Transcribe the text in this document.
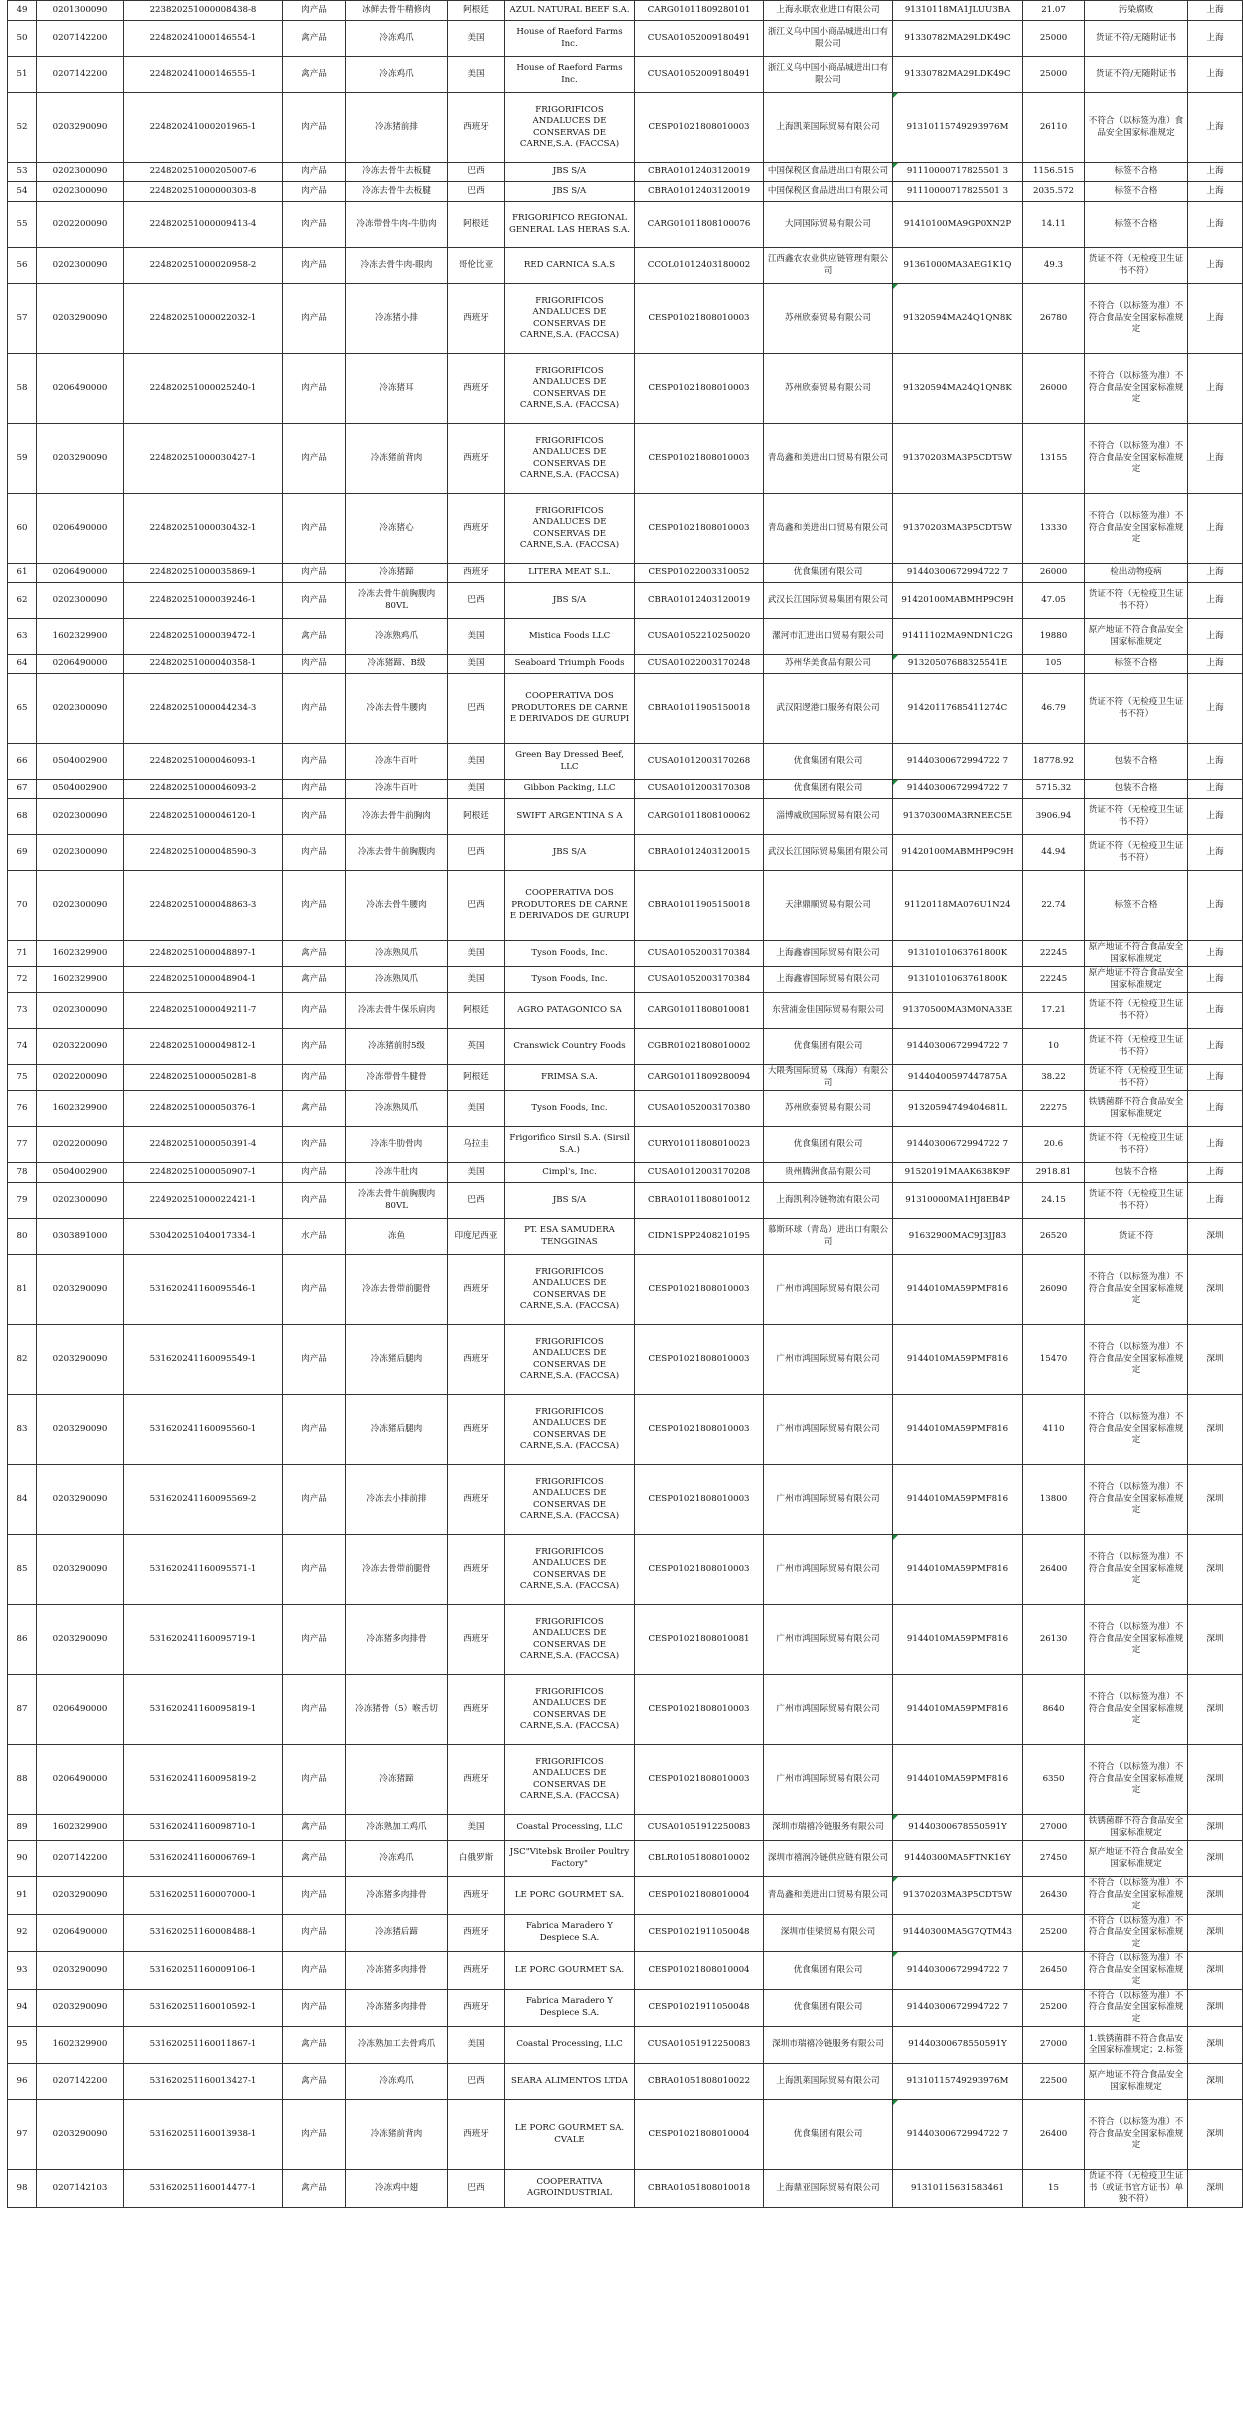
49	0201300090	223820251000008438-8	肉产品	冰鲜去骨牛精修肉	阿根廷	AZUL NATURAL BEEF S.A.	CARG01011809280101	上海永联农业进口有限公司	91310118MA1JLUU3BA	21.07	污染腐败	上海
50	0207142200	224820241000146554-1	禽产品	冷冻鸡爪	美国	House of Raeford Farms Inc.	CUSA01052009180491	浙江义乌中国小商品城进出口有限公司	91330782MA29LDK49C	25000	货证不符/无随附证书	上海
51	0207142200	224820241000146555-1	禽产品	冷冻鸡爪	美国	House of Raeford Farms Inc.	CUSA01052009180491	浙江义乌中国小商品城进出口有限公司	91330782MA29LDK49C	25000	货证不符/无随附证书	上海
52	0203290090	224820241000201965-1	肉产品	冷冻猪前排	西班牙	FRIGORIFICOS ANDALUCES DE CONSERVAS DE CARNE,S.A. (FACCSA)	CESP01021808010003	上海凯莱国际贸易有限公司	91310115749293976M	26110	不符合（以标签为准）食品安全国家标准规定	上海
53	0202300090	224820251000205007-6	肉产品	冷冻去骨牛去板腱	巴西	JBS S/A	CBRA01012403120019	中国保税区食品进出口有限公司	91110000717825501 3	1156.515	标签不合格	上海
54	0202300090	224820251000000303-8	肉产品	冷冻去骨牛去板腱	巴西	JBS S/A	CBRA01012403120019	中国保税区食品进出口有限公司	91110000717825501 3	2035.572	标签不合格	上海
55	0202200090	224820251000009413-4	肉产品	冷冻带骨牛肉-牛肋肉	阿根廷	FRIGORIFICO REGIONAL GENERAL LAS HERAS S.A.	CARG01011808100076	大同国际贸易有限公司	91410100MA9GP0XN2P	14.11	标签不合格	上海
56	0202300090	224820251000020958-2	肉产品	冷冻去骨牛肉-眼肉	哥伦比亚	RED CARNICA S.A.S	CCOL01012403180002	江西鑫农农业供应链管理有限公司	91361000MA3AEG1K1Q	49.3	货证不符（无检疫卫生证书不符）	上海
57	0203290090	224820251000022032-1	肉产品	冷冻猪小排	西班牙	FRIGORIFICOS ANDALUCES DE CONSERVAS DE CARNE,S.A. (FACCSA)	CESP01021808010003	苏州欣泰贸易有限公司	91320594MA24Q1QN8K	26780	不符合（以标签为准）不符合食品安全国家标准规定	上海
58	0206490000	224820251000025240-1	肉产品	冷冻猪耳	西班牙	FRIGORIFICOS ANDALUCES DE CONSERVAS DE CARNE,S.A. (FACCSA)	CESP01021808010003	苏州欣泰贸易有限公司	91320594MA24Q1QN8K	26000	不符合（以标签为准）不符合食品安全国家标准规定	上海
59	0203290090	224820251000030427-1	肉产品	冷冻猪前背肉	西班牙	FRIGORIFICOS ANDALUCES DE CONSERVAS DE CARNE,S.A. (FACCSA)	CESP01021808010003	青岛鑫和美进出口贸易有限公司	91370203MA3P5CDT5W	13155	不符合（以标签为准）不符合食品安全国家标准规定	上海
60	0206490000	224820251000030432-1	肉产品	冷冻猪心	西班牙	FRIGORIFICOS ANDALUCES DE CONSERVAS DE CARNE,S.A. (FACCSA)	CESP01021808010003	青岛鑫和美进出口贸易有限公司	91370203MA3P5CDT5W	13330	不符合（以标签为准）不符合食品安全国家标准规定	上海
61	0206490000	224820251000035869-1	肉产品	冷冻猪蹄	西班牙	LITERA MEAT S.L.	CESP01022003310052	优食集团有限公司	91440300672994722 7	26000	检出动物疫病	上海
62	0202300090	224820251000039246-1	肉产品	冷冻去骨牛前胸腹肉80VL	巴西	JBS S/A	CBRA01012403120019	武汉长江国际贸易集团有限公司	91420100MABMHP9C9H	47.05	货证不符（无检疫卫生证书不符）	上海
63	1602329900	224820251000039472-1	禽产品	冷冻熟鸡爪	美国	Mistica Foods LLC	CUSA01052210250020	漯河市汇进出口贸易有限公司	91411102MA9NDN1C2G	19880	原产地证不符合食品安全国家标准规定	上海
64	0206490000	224820251000040358-1	肉产品	冷冻猪蹄、B级	美国	Seaboard Triumph Foods	CUSA01022003170248	苏州华美食品有限公司	91320507688325541E	105	标签不合格	上海
65	0202300090	224820251000044234-3	肉产品	冷冻去骨牛腰肉	巴西	COOPERATIVA DOS PRODUTORES DE CARNE E DERIVADOS DE GURUPI	CBRA01011905150018	武汉阳逻港口服务有限公司	91420117685411274C	46.79	货证不符（无检疫卫生证书不符）	上海
66	0504002900	224820251000046093-1	肉产品	冷冻牛百叶	美国	Green Bay Dressed Beef, LLC	CUSA01012003170268	优食集团有限公司	91440300672994722 7	18778.92	包装不合格	上海
67	0504002900	224820251000046093-2	肉产品	冷冻牛百叶	美国	Gibbon Packing, LLC	CUSA01012003170308	优食集团有限公司	91440300672994722 7	5715.32	包装不合格	上海
68	0202300090	224820251000046120-1	肉产品	冷冻去骨牛前胸肉	阿根廷	SWIFT ARGENTINA S A	CARG01011808100062	淄博威欣国际贸易有限公司	91370300MA3RNEEC5E	3906.94	货证不符（无检疫卫生证书不符）	上海
69	0202300090	224820251000048590-3	肉产品	冷冻去骨牛前胸腹肉	巴西	JBS S/A	CBRA01012403120015	武汉长江国际贸易集团有限公司	91420100MABMHP9C9H	44.94	货证不符（无检疫卫生证书不符）	上海
70	0202300090	224820251000048863-3	肉产品	冷冻去骨牛腰肉	巴西	COOPERATIVA DOS PRODUTORES DE CARNE E DERIVADOS DE GURUPI	CBRA01011905150018	天津鼎顺贸易有限公司	91120118MA076U1N24	22.74	标签不合格	上海
71	1602329900	224820251000048897-1	禽产品	冷冻熟凤爪	美国	Tyson Foods, Inc.	CUSA01052003170384	上海鑫睿国际贸易有限公司	91310101063761800K	22245	原产地证不符合食品安全国家标准规定	上海
72	1602329900	224820251000048904-1	禽产品	冷冻熟凤爪	美国	Tyson Foods, Inc.	CUSA01052003170384	上海鑫睿国际贸易有限公司	91310101063761800K	22245	原产地证不符合食品安全国家标准规定	上海
73	0202300090	224820251000049211-7	肉产品	冷冻去骨牛保乐肩肉	阿根廷	AGRO PATAGONICO SA	CARG01011808010081	东营浦金佳国际贸易有限公司	91370500MA3M0NA33E	17.21	货证不符（无检疫卫生证书不符）	上海
74	0203220090	224820251000049812-1	肉产品	冷冻猪前肘5级	英国	Cranswick Country Foods	CGBR01021808010002	优食集团有限公司	91440300672994722 7	10	货证不符（无检疫卫生证书不符）	上海
75	0202200090	224820251000050281-8	肉产品	冷冻带骨牛腱骨	阿根廷	FRIMSA S.A.	CARG01011809280094	大隈秀国际贸易（珠海）有限公司	91440400597447875A	38.22	货证不符（无检疫卫生证书不符）	上海
76	1602329900	224820251000050376-1	禽产品	冷冻熟凤爪	美国	Tyson Foods, Inc.	CUSA01052003170380	苏州欣泰贸易有限公司	91320594749404681L	22275	铁锈菌群不符合食品安全国家标准规定	上海
77	0202200090	224820251000050391-4	肉产品	冷冻牛肋骨肉	乌拉圭	Frigorifico Sirsil S.A. (Sirsil S.A.)	CURY01011808010023	优食集团有限公司	91440300672994722 7	20.6	货证不符（无检疫卫生证书不符）	上海
78	0504002900	224820251000050907-1	肉产品	冷冻牛肚肉	美国	Cimpl's, Inc.	CUSA01012003170208	贵州腾洲食品有限公司	91520191MAAK638K9F	2918.81	包装不合格	上海
79	0202300090	224920251000022421-1	肉产品	冷冻去骨牛前胸腹肉80VL	巴西	JBS S/A	CBRA01011808010012	上海凯利冷链物流有限公司	91310000MA1HJ8EB4P	24.15	货证不符（无检疫卫生证书不符）	上海
80	0303891000	530420251040017334-1	水产品	冻鱼	印度尼西亚	PT. ESA SAMUDERA TENGGINAS	CIDN1SPP2408210195	慕斯环球（青岛）进出口有限公司	91632900MAC9J3JJ83	26520	货证不符	深圳
81	0203290090	531620241160095546-1	肉产品	冷冻去骨带前腿骨	西班牙	FRIGORIFICOS ANDALUCES DE CONSERVAS DE CARNE,S.A. (FACCSA)	CESP01021808010003	广州市鸿国际贸易有限公司	9144010MA59PMF816	26090	不符合（以标签为准）不符合食品安全国家标准规定	深圳
82	0203290090	531620241160095549-1	肉产品	冷冻猪后腿肉	西班牙	FRIGORIFICOS ANDALUCES DE CONSERVAS DE CARNE,S.A. (FACCSA)	CESP01021808010003	广州市鸿国际贸易有限公司	9144010MA59PMF816	15470	不符合（以标签为准）不符合食品安全国家标准规定	深圳
83	0203290090	531620241160095560-1	肉产品	冷冻猪后腿肉	西班牙	FRIGORIFICOS ANDALUCES DE CONSERVAS DE CARNE,S.A. (FACCSA)	CESP01021808010003	广州市鸿国际贸易有限公司	9144010MA59PMF816	4110	不符合（以标签为准）不符合食品安全国家标准规定	深圳
84	0203290090	531620241160095569-2	肉产品	冷冻去小排前排	西班牙	FRIGORIFICOS ANDALUCES DE CONSERVAS DE CARNE,S.A. (FACCSA)	CESP01021808010003	广州市鸿国际贸易有限公司	9144010MA59PMF816	13800	不符合（以标签为准）不符合食品安全国家标准规定	深圳
85	0203290090	531620241160095571-1	肉产品	冷冻去骨带前腿骨	西班牙	FRIGORIFICOS ANDALUCES DE CONSERVAS DE CARNE,S.A. (FACCSA)	CESP01021808010003	广州市鸿国际贸易有限公司	9144010MA59PMF816	26400	不符合（以标签为准）不符合食品安全国家标准规定	深圳
86	0203290090	531620241160095719-1	肉产品	冷冻猪多肉排骨	西班牙	FRIGORIFICOS ANDALUCES DE CONSERVAS DE CARNE,S.A. (FACCSA)	CESP01021808010081	广州市鸿国际贸易有限公司	9144010MA59PMF816	26130	不符合（以标签为准）不符合食品安全国家标准规定	深圳
87	0206490000	531620241160095819-1	肉产品	冷冻猪骨（5）喉舌切	西班牙	FRIGORIFICOS ANDALUCES DE CONSERVAS DE CARNE,S.A. (FACCSA)	CESP01021808010003	广州市鸿国际贸易有限公司	9144010MA59PMF816	8640	不符合（以标签为准）不符合食品安全国家标准规定	深圳
88	0206490000	531620241160095819-2	肉产品	冷冻猪蹄	西班牙	FRIGORIFICOS ANDALUCES DE CONSERVAS DE CARNE,S.A. (FACCSA)	CESP01021808010003	广州市鸿国际贸易有限公司	9144010MA59PMF816	6350	不符合（以标签为准）不符合食品安全国家标准规定	深圳
89	1602329900	531620241160098710-1	禽产品	冷冻熟加工鸡爪	美国	Coastal Processing, LLC	CUSA01051912250083	深圳市瑞禧冷链服务有限公司	91440300678550591Y	27000	铁锈菌群不符合食品安全国家标准规定	深圳
90	0207142200	531620241160006769-1	禽产品	冷冻鸡爪	白俄罗斯	JSC"Vitebsk Broiler Poultry Factory"	CBLR01051808010002	深圳市禧润冷链供应链有限公司	91440300MA5FTNK16Y	27450	原产地证不符合食品安全国家标准规定	深圳
91	0203290090	531620251160007000-1	肉产品	冷冻猪多肉排骨	西班牙	LE PORC GOURMET SA.	CESP01021808010004	青岛鑫和美进出口贸易有限公司	91370203MA3P5CDT5W	26430	不符合（以标签为准）不符合食品安全国家标准规定	深圳
92	0206490000	531620251160008488-1	肉产品	冷冻猪后蹄	西班牙	Fabrica Maradero Y Despiece S.A.	CESP01021911050048	深圳市佳梁贸易有限公司	91440300MA5G7QTM43	25200	不符合（以标签为准）不符合食品安全国家标准规定	深圳
93	0203290090	531620251160009106-1	肉产品	冷冻猪多肉排骨	西班牙	LE PORC GOURMET SA.	CESP01021808010004	优食集团有限公司	91440300672994722 7	26450	不符合（以标签为准）不符合食品安全国家标准规定	深圳
94	0203290090	531620251160010592-1	肉产品	冷冻猪多肉排骨	西班牙	Fabrica Maradero Y Despiece S.A.	CESP01021911050048	优食集团有限公司	91440300672994722 7	25200	不符合（以标签为准）不符合食品安全国家标准规定	深圳
95	1602329900	531620251160011867-1	禽产品	冷冻熟加工去骨鸡爪	美国	Coastal Processing, LLC	CUSA01051912250083	深圳市瑞禧冷链服务有限公司	91440300678550591Y	27000	1.铁锈菌群不符合食品安全国家标准规定；2.标签	深圳
96	0207142200	531620251160013427-1	禽产品	冷冻鸡爪	巴西	SEARA ALIMENTOS LTDA	CBRA01051808010022	上海凯莱国际贸易有限公司	91310115749293976M	22500	原产地证不符合食品安全国家标准规定	深圳
97	0203290090	531620251160013938-1	肉产品	冷冻猪前背肉	西班牙	LE PORC GOURMET SA. CVALE	CESP01021808010004	优食集团有限公司	91440300672994722 7	26400	不符合（以标签为准）不符合食品安全国家标准规定	深圳
98	0207142103	531620251160014477-1	禽产品	冷冻鸡中翅	巴西	COOPERATIVA AGROINDUSTRIAL	CBRA01051808010018	上海鼎亚国际贸易有限公司	91310115631583461	15	货证不符（无检疫卫生证书（或证书官方证书）单独不符）	深圳
